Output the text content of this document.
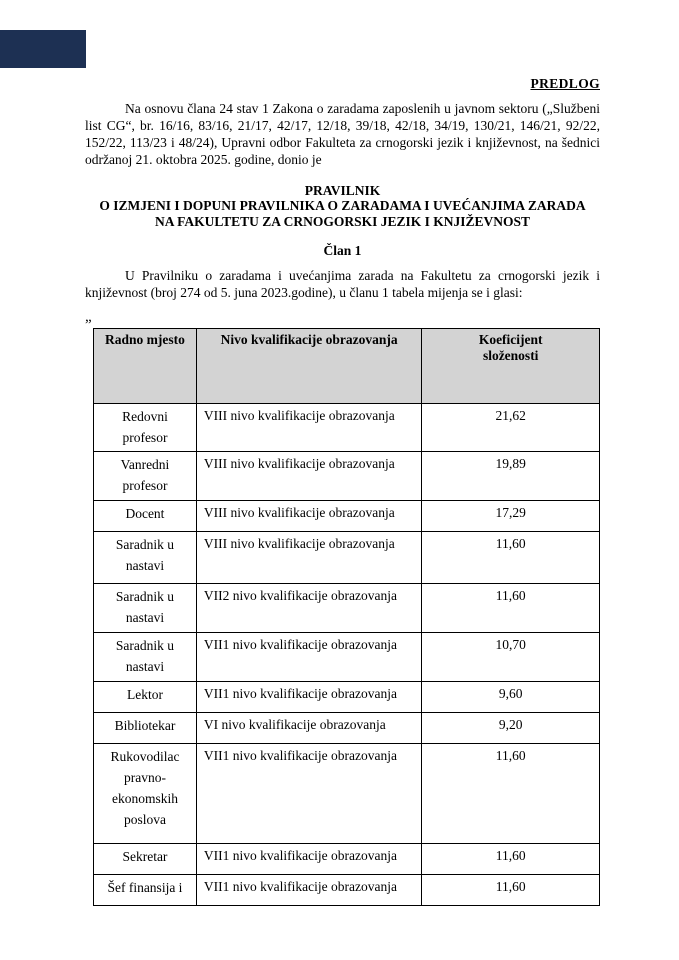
PREDLOG

Na osnovu člana 24 stav 1 Zakona o zaradama zaposlenih u javnom sektoru („Službeni list CG“, br. 16/16, 83/16, 21/17, 42/17, 12/18, 39/18, 42/18, 34/19, 130/21, 146/21, 92/22, 152/22, 113/23 i 48/24), Upravni odbor Fakulteta za crnogorski jezik i književnost, na šednici održanoj 21. oktobra 2025. godine, donio je

PRAVILNIK
O IZMJENI I DOPUNI PRAVILNIKA O ZARADAMA I UVEĆANJIMA ZARADA
NA FAKULTETU ZA CRNOGORSKI JEZIK I KNJIŽEVNOST
Član 1

U Pravilniku o zaradama i uvećanjima zarada na Fakultetu za crnogorski jezik i književnost (broj 274 od 5. juna 2023.godine), u članu 1 tabela mijenja se i glasi:

„
Radno mjesto	Nivo kvalifikacije obrazovanja	Koeficijent složenosti
Redovni profesor	VIII nivo kvalifikacije obrazovanja	21,62
Vanredni profesor	VIII nivo kvalifikacije obrazovanja	19,89
Docent	VIII nivo kvalifikacije obrazovanja	17,29
Saradnik u nastavi	VIII nivo kvalifikacije obrazovanja	11,60
Saradnik u nastavi	VII2 nivo kvalifikacije obrazovanja	11,60
Saradnik u nastavi	VII1 nivo kvalifikacije obrazovanja	10,70
Lektor	VII1 nivo kvalifikacije obrazovanja	9,60
Bibliotekar	VI nivo kvalifikacije obrazovanja	9,20
Rukovodilac pravno-ekonomskih poslova	VII1 nivo kvalifikacije obrazovanja	11,60
Sekretar	VII1 nivo kvalifikacije obrazovanja	11,60
Šef finansija i	VII1 nivo kvalifikacije obrazovanja	11,60
